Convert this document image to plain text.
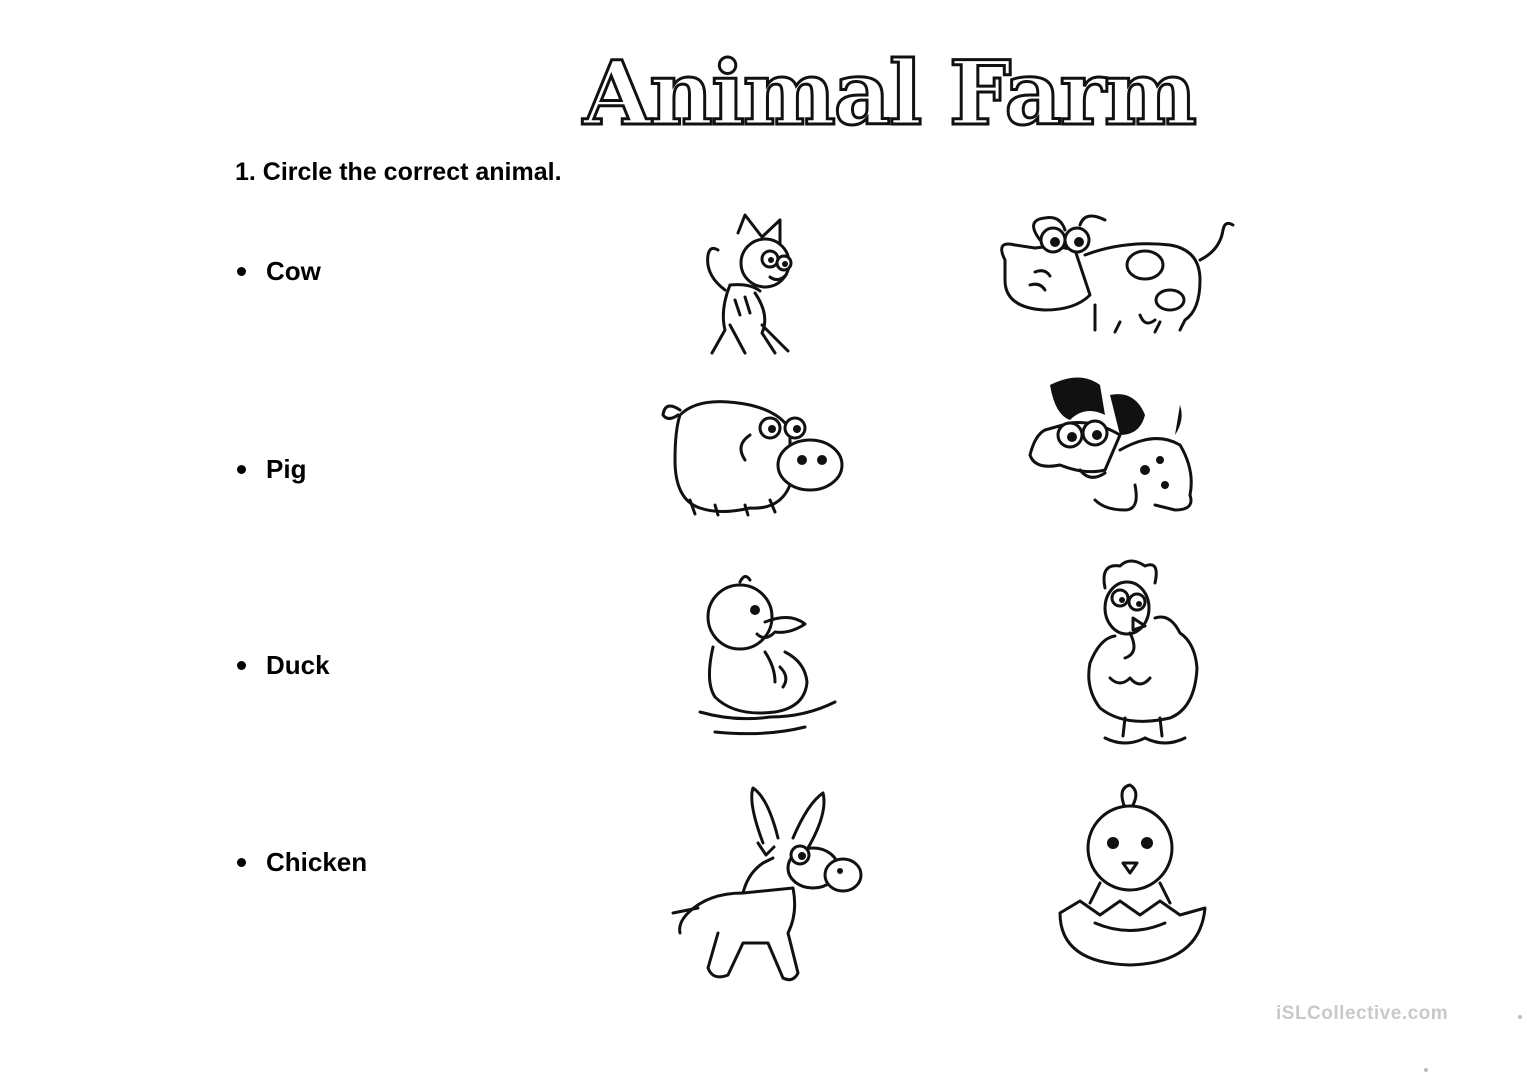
Animal Farm
1. Circle the correct animal.
Cow
Pig
Duck
Chicken
iSLCollective.com
